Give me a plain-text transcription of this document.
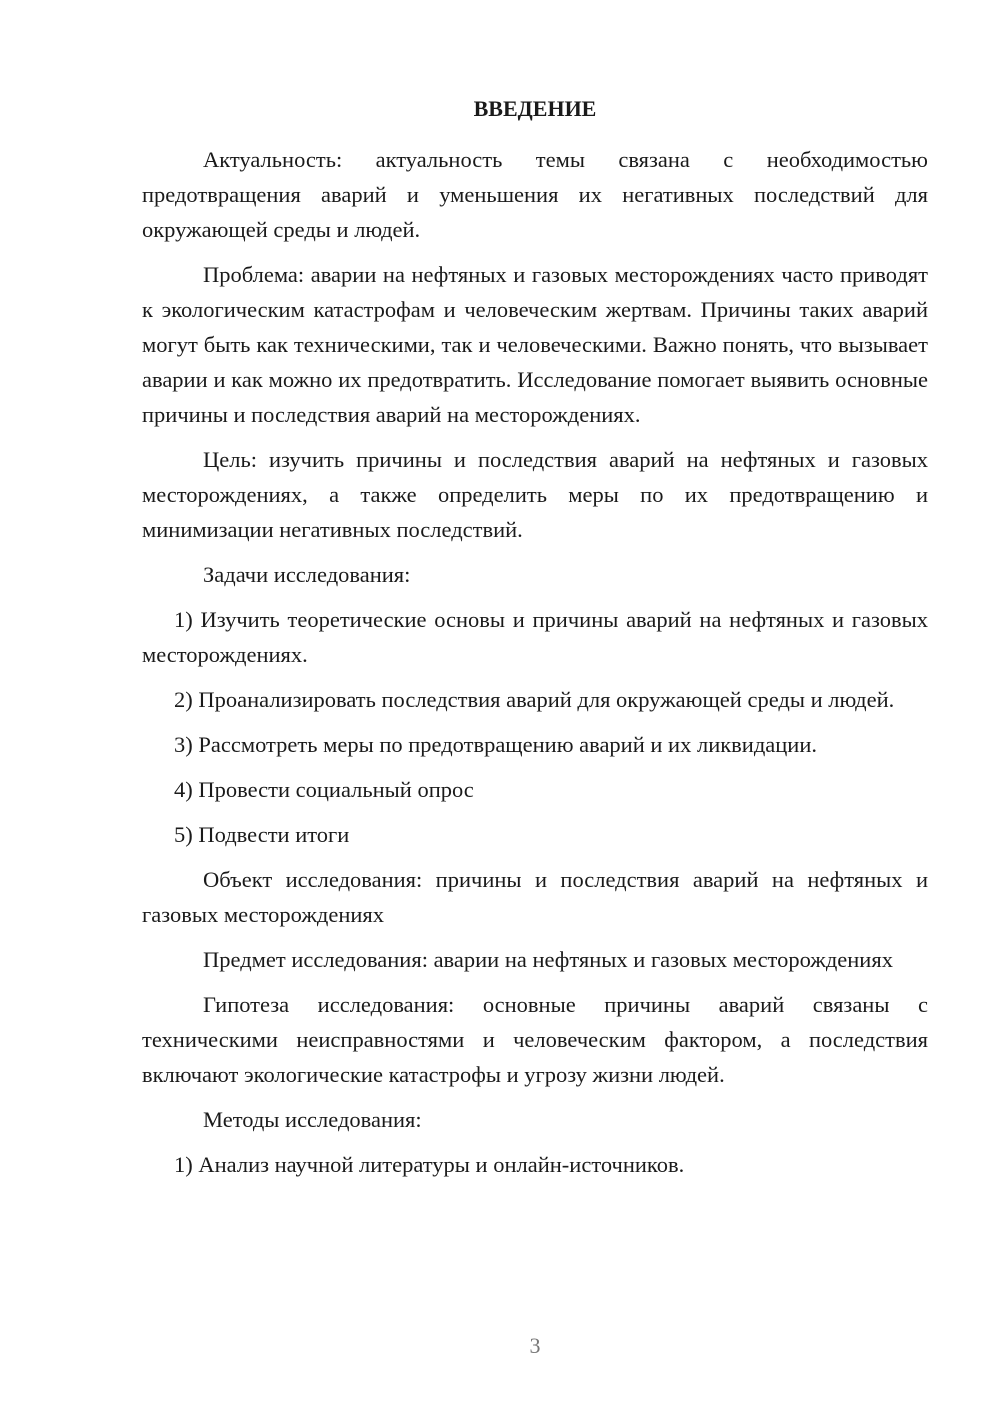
ВВЕДЕНИЕ

Актуальность: актуальность темы связана с необходимостью предотвращения аварий и уменьшения их негативных последствий для окружающей среды и людей.

Проблема: аварии на нефтяных и газовых месторождениях часто приводят к экологическим катастрофам и человеческим жертвам. Причины таких аварий могут быть как техническими, так и человеческими. Важно понять, что вызывает аварии и как можно их предотвратить. Исследование помогает выявить основные причины и последствия аварий на месторождениях.

Цель: изучить причины и последствия аварий на нефтяных и газовых месторождениях, а также определить меры по их предотвращению и минимизации негативных последствий.

Задачи исследования:

1) Изучить теоретические основы и причины аварий на нефтяных и газовых месторождениях.

2) Проанализировать последствия аварий для окружающей среды и людей.

3) Рассмотреть меры по предотвращению аварий и их ликвидации.

4) Провести социальный опрос

5) Подвести итоги

Объект исследования: причины и последствия аварий на нефтяных и газовых месторождениях

Предмет исследования: аварии на нефтяных и газовых месторождениях

Гипотеза исследования: основные причины аварий связаны с техническими неисправностями и человеческим фактором, а последствия включают экологические катастрофы и угрозу жизни людей.

Методы исследования:

1) Анализ научной литературы и онлайн-источников.

3
